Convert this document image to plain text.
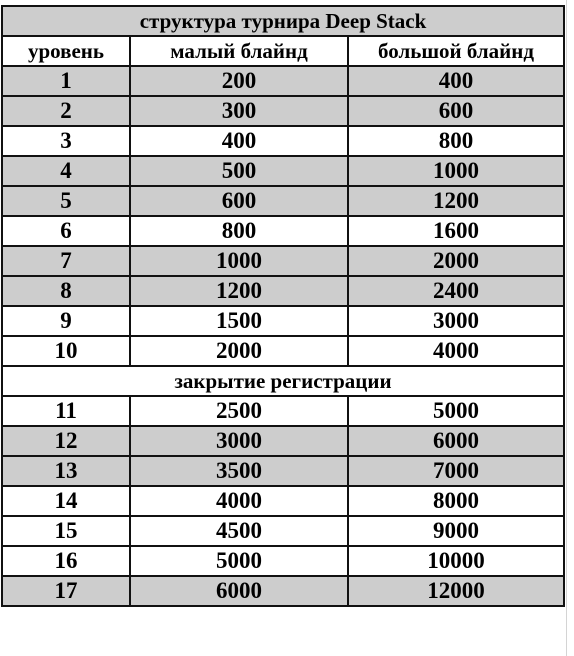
структура турнира Deep Stack		
уровень	малый блайнд	большой блайнд
1	200	400
2	300	600
3	400	800
4	500	1000
5	600	1200
6	800	1600
7	1000	2000
8	1200	2400
9	1500	3000
10	2000	4000
закрытие регистрации		
11	2500	5000
12	3000	6000
13	3500	7000
14	4000	8000
15	4500	9000
16	5000	10000
17	6000	12000
